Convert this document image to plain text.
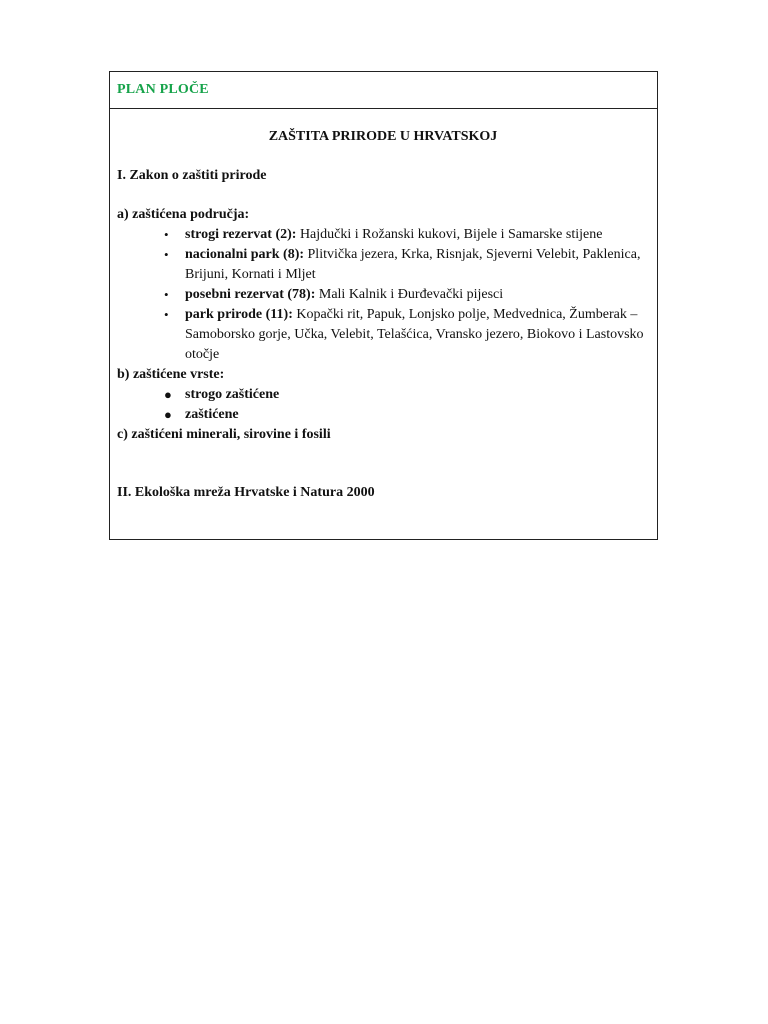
PLAN PLOČE
ZAŠTITA PRIRODE U HRVATSKOJ
I. Zakon o zaštiti prirode
a) zaštićena područja:
• strogi rezervat (2): Hajdučki i Rožanski kukovi, Bijele i Samarske stijene
• nacionalni park (8): Plitvička jezera, Krka, Risnjak, Sjeverni Velebit, Paklenica, Brijuni, Kornati i Mljet
• posebni rezervat (78): Mali Kalnik i Đurđevački pijesci
• park prirode (11): Kopački rit, Papuk, Lonjsko polje, Medvednica, Žumberak – Samoborsko gorje, Učka, Velebit, Telašćica, Vransko jezero, Biokovo i Lastovsko otočje
b) zaštićene vrste:
● strogo zaštićene
● zaštićene
c) zaštićeni minerali, sirovine i fosili
II. Ekološka mreža Hrvatske i Natura 2000
